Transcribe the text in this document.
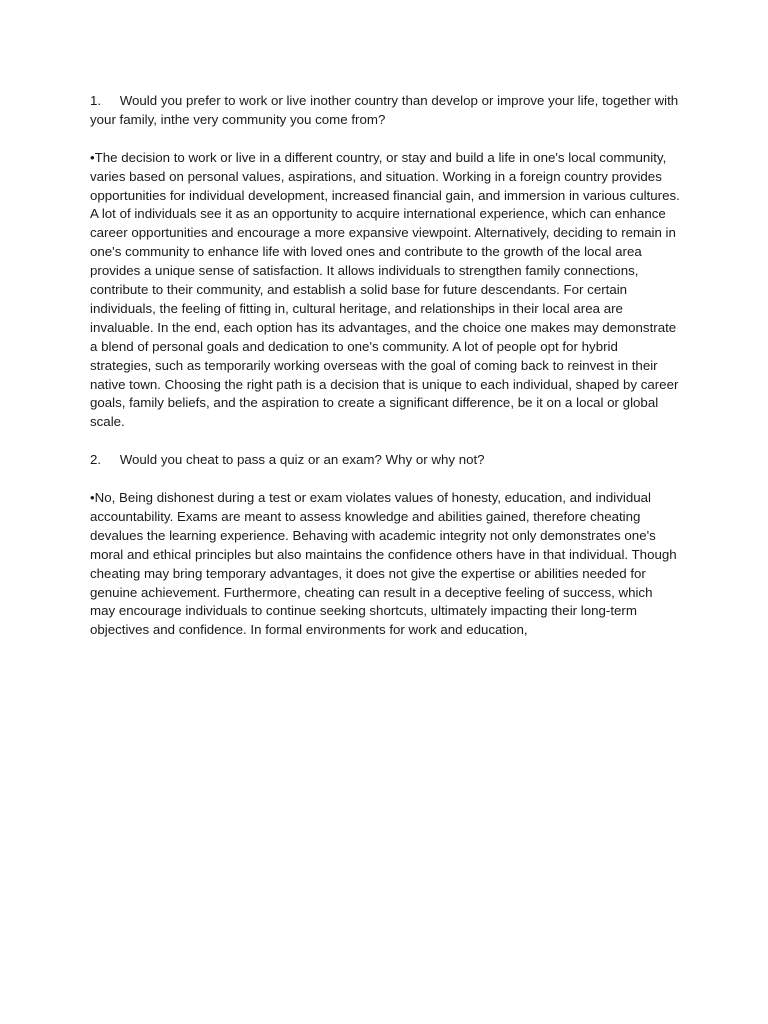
1. Would you prefer to work or live inother country than develop or improve your life, together with your family, inthe very community you come from?

•The decision to work or live in a different country, or stay and build a life in one's local community, varies based on personal values, aspirations, and situation. Working in a foreign country provides opportunities for individual development, increased financial gain, and immersion in various cultures. A lot of individuals see it as an opportunity to acquire international experience, which can enhance career opportunities and encourage a more expansive viewpoint. Alternatively, deciding to remain in one's community to enhance life with loved ones and contribute to the growth of the local area provides a unique sense of satisfaction. It allows individuals to strengthen family connections, contribute to their community, and establish a solid base for future descendants. For certain individuals, the feeling of fitting in, cultural heritage, and relationships in their local area are invaluable. In the end, each option has its advantages, and the choice one makes may demonstrate a blend of personal goals and dedication to one's community. A lot of people opt for hybrid strategies, such as temporarily working overseas with the goal of coming back to reinvest in their native town. Choosing the right path is a decision that is unique to each individual, shaped by career goals, family beliefs, and the aspiration to create a significant difference, be it on a local or global scale.

2. Would you cheat to pass a quiz or an exam? Why or why not?

•No, Being dishonest during a test or exam violates values of honesty, education, and individual accountability. Exams are meant to assess knowledge and abilities gained, therefore cheating devalues the learning experience. Behaving with academic integrity not only demonstrates one's moral and ethical principles but also maintains the confidence others have in that individual. Though cheating may bring temporary advantages, it does not give the expertise or abilities needed for genuine achievement. Furthermore, cheating can result in a deceptive feeling of success, which may encourage individuals to continue seeking shortcuts, ultimately impacting their long-term objectives and confidence. In formal environments for work and education,
